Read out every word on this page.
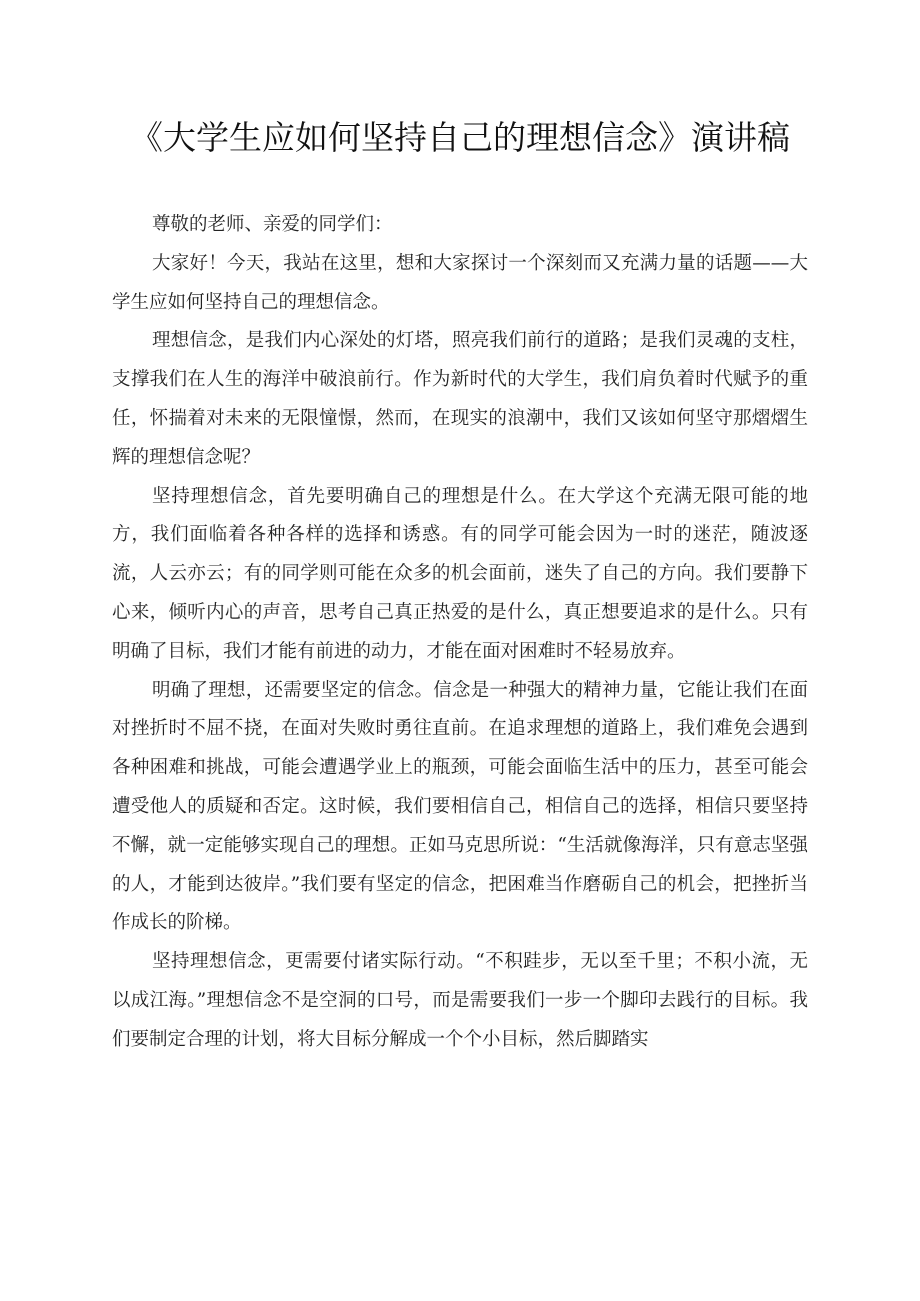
《大学生应如何坚持自己的理想信念》演讲稿

尊敬的老师、亲爱的同学们：

大家好！今天，我站在这里，想和大家探讨一个深刻而又充满力量的话题——大学生应如何坚持自己的理想信念。

理想信念，是我们内心深处的灯塔，照亮我们前行的道路；是我们灵魂的支柱，支撑我们在人生的海洋中破浪前行。作为新时代的大学生，我们肩负着时代赋予的重任，怀揣着对未来的无限憧憬，然而，在现实的浪潮中，我们又该如何坚守那熠熠生辉的理想信念呢？

坚持理想信念，首先要明确自己的理想是什么。在大学这个充满无限可能的地方，我们面临着各种各样的选择和诱惑。有的同学可能会因为一时的迷茫，随波逐流，人云亦云；有的同学则可能在众多的机会面前，迷失了自己的方向。我们要静下心来，倾听内心的声音，思考自己真正热爱的是什么，真正想要追求的是什么。只有明确了目标，我们才能有前进的动力，才能在面对困难时不轻易放弃。

明确了理想，还需要坚定的信念。信念是一种强大的精神力量，它能让我们在面对挫折时不屈不挠，在面对失败时勇往直前。在追求理想的道路上，我们难免会遇到各种困难和挑战，可能会遭遇学业上的瓶颈，可能会面临生活中的压力，甚至可能会遭受他人的质疑和否定。这时候，我们要相信自己，相信自己的选择，相信只要坚持不懈，就一定能够实现自己的理想。正如马克思所说：“生活就像海洋，只有意志坚强的人，才能到达彼岸。”我们要有坚定的信念，把困难当作磨砺自己的机会，把挫折当作成长的阶梯。

坚持理想信念，更需要付诸实际行动。“不积跬步，无以至千里；不积小流，无以成江海。”理想信念不是空洞的口号，而是需要我们一步一个脚印去践行的目标。我们要制定合理的计划，将大目标分解成一个个小目标，然后脚踏实
